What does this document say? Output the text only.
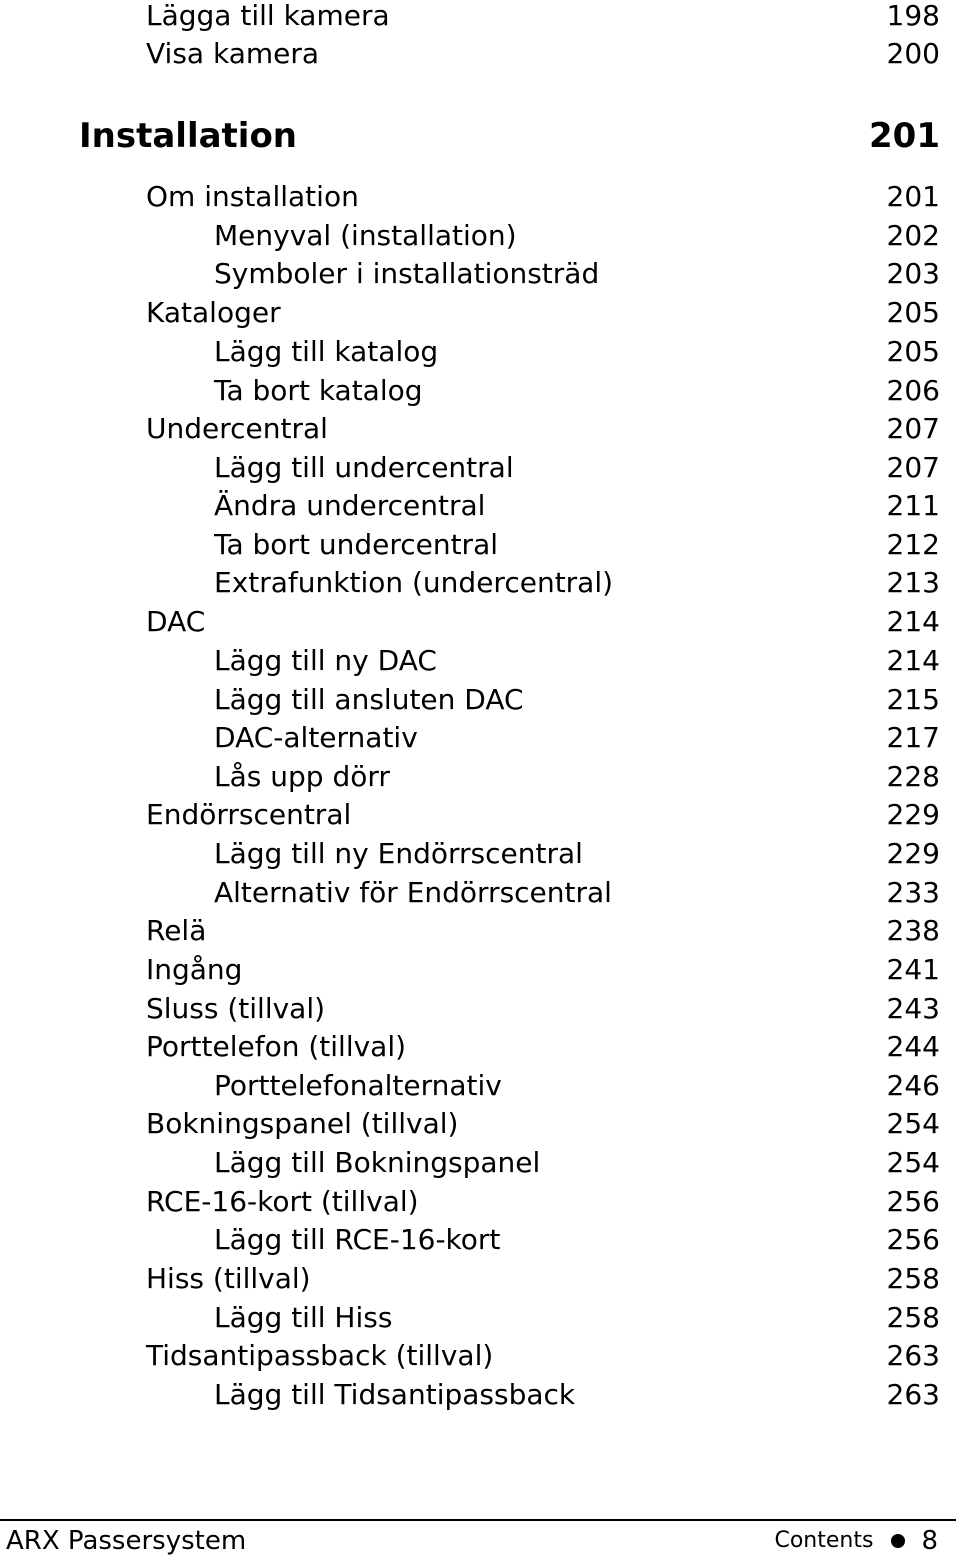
Lägga till kamera	198
Visa kamera	200
Installation	201
Om installation	201
Menyval (installation)	202
Symboler i installationsträd	203
Kataloger	205
Lägg till katalog	205
Ta bort katalog	206
Undercentral	207
Lägg till undercentral	207
Ändra undercentral	211
Ta bort undercentral	212
Extrafunktion (undercentral)	213
DAC	214
Lägg till ny DAC	214
Lägg till ansluten DAC	215
DAC-alternativ	217
Lås upp dörr	228
Endörrscentral	229
Lägg till ny Endörrscentral	229
Alternativ för Endörrscentral	233
Relä	238
Ingång	241
Sluss (tillval)	243
Porttelefon (tillval)	244
Porttelefonalternativ	246
Bokningspanel (tillval)	254
Lägg till Bokningspanel	254
RCE-16-kort (tillval)	256
Lägg till RCE-16-kort	256
Hiss (tillval)	258
Lägg till Hiss	258
Tidsantipassback (tillval)	263
Lägg till Tidsantipassback	263
ARX Passersystem	Contents 8
